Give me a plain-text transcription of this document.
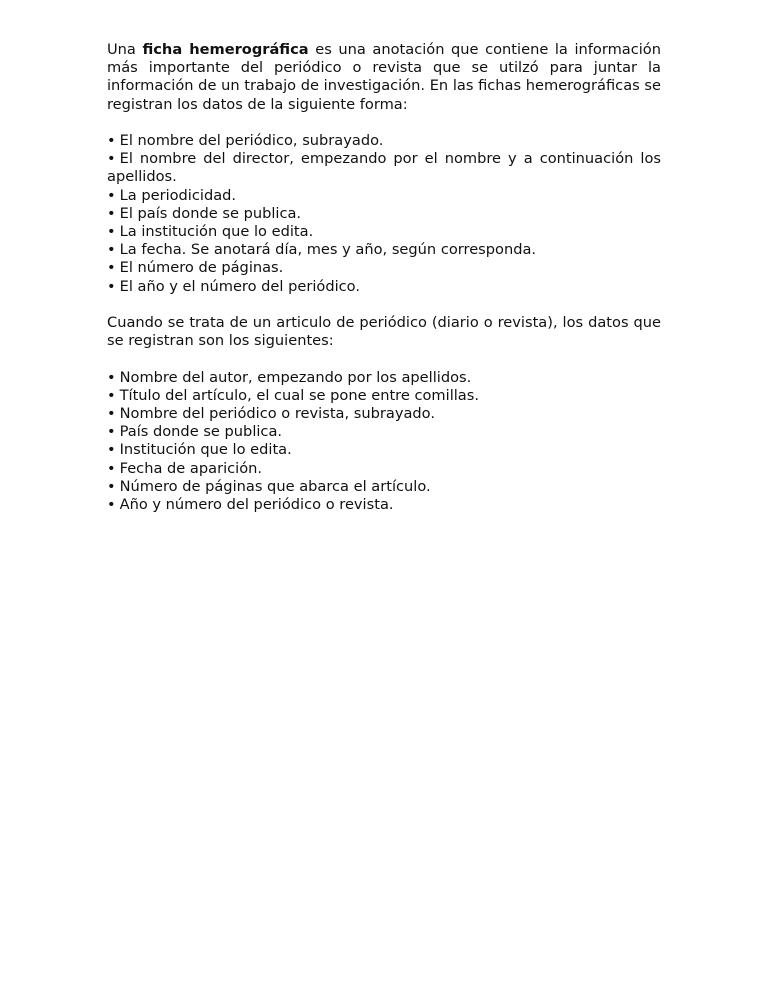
Una ficha hemerográfica es una anotación que contiene la información más importante del periódico o revista que se utilzó para juntar la información de un trabajo de investigación. En las fichas hemerográficas se registran los datos de la siguiente forma:

• El nombre del periódico, subrayado.
• El nombre del director, empezando por el nombre y a continuación los apellidos.
• La periodicidad.
• El país donde se publica.
• La institución que lo edita.
• La fecha. Se anotará día, mes y año, según corresponda.
• El número de páginas.
• El año y el número del periódico.

Cuando se trata de un articulo de periódico (diario o revista), los datos que se registran son los siguientes:

• Nombre del autor, empezando por los apellidos.
• Título del artículo, el cual se pone entre comillas.
• Nombre del periódico o revista, subrayado.
• País donde se publica.
• Institución que lo edita.
• Fecha de aparición.
• Número de páginas que abarca el artículo.
• Año y número del periódico o revista.
